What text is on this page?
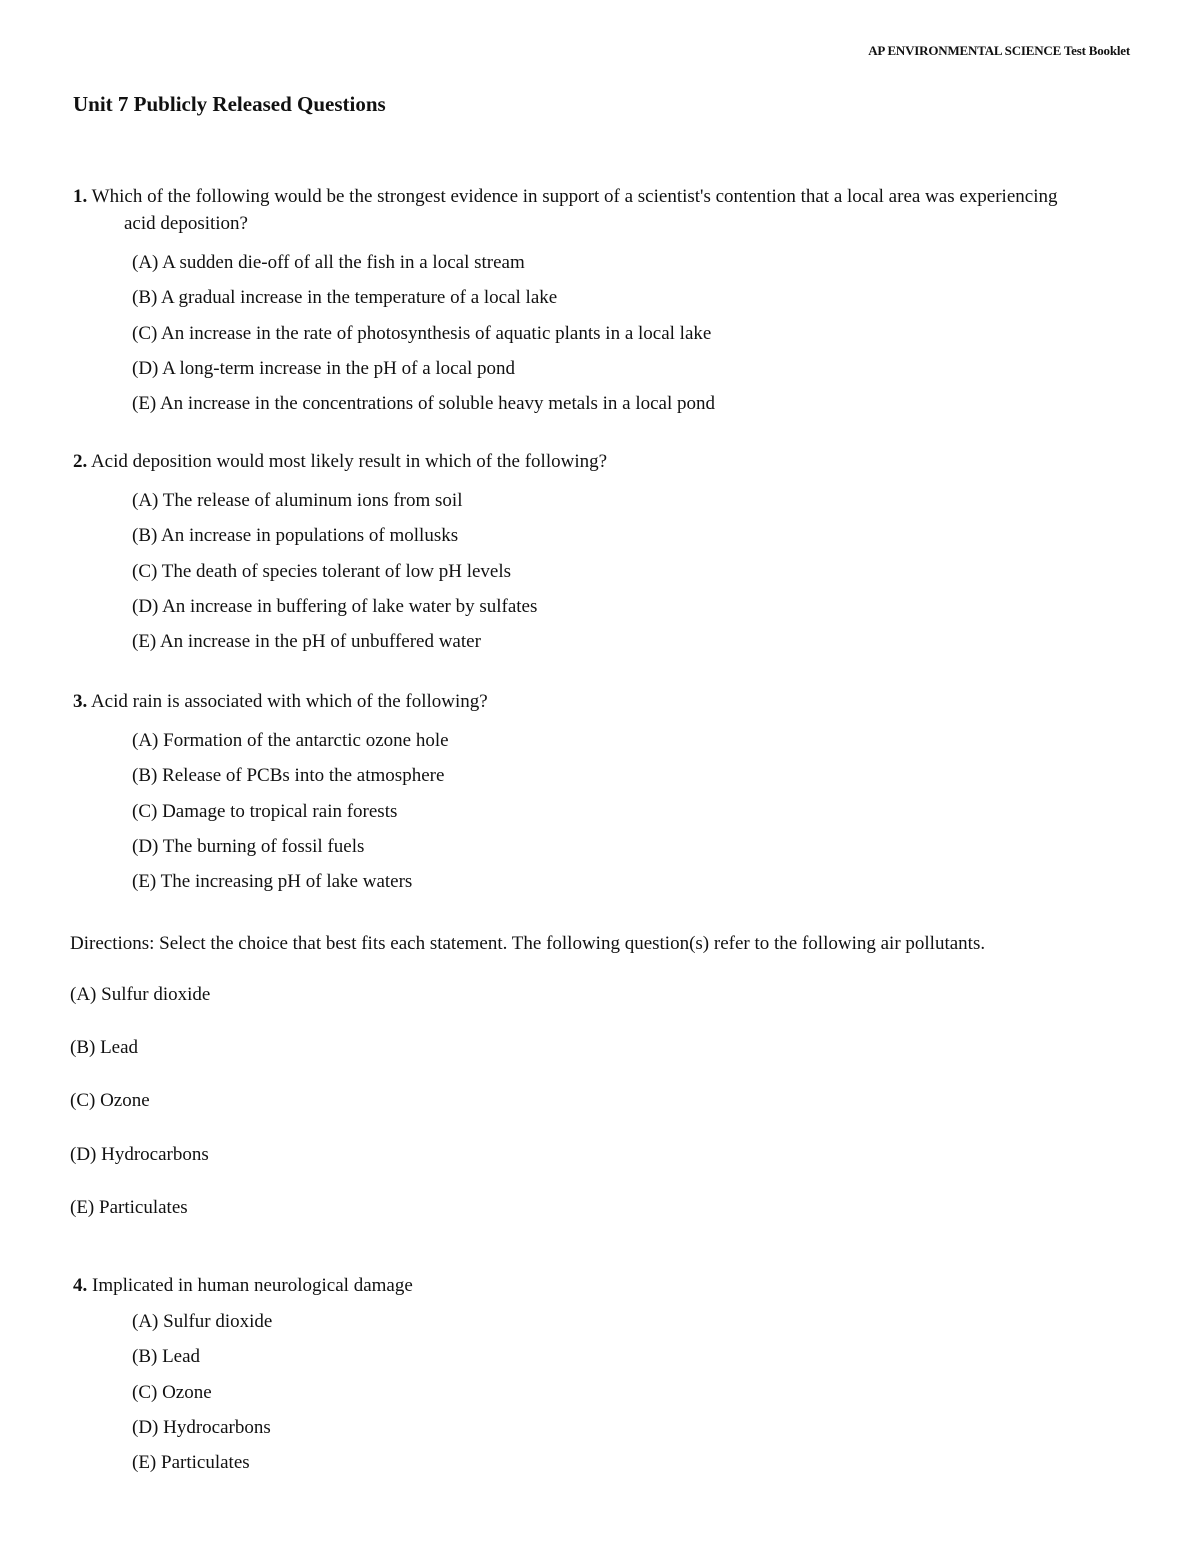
AP ENVIRONMENTAL SCIENCE Test Booklet
Unit 7 Publicly Released Questions

1. Which of the following would be the strongest evidence in support of a scientist's contention that a local area was experiencing acid deposition?

(A) A sudden die-off of all the fish in a local stream
(B) A gradual increase in the temperature of a local lake
(C) An increase in the rate of photosynthesis of aquatic plants in a local lake
(D) A long-term increase in the pH of a local pond
(E) An increase in the concentrations of soluble heavy metals in a local pond

2. Acid deposition would most likely result in which of the following?

(A) The release of aluminum ions from soil
(B) An increase in populations of mollusks
(C) The death of species tolerant of low pH levels
(D) An increase in buffering of lake water by sulfates
(E) An increase in the pH of unbuffered water

3. Acid rain is associated with which of the following?

(A) Formation of the antarctic ozone hole
(B) Release of PCBs into the atmosphere
(C) Damage to tropical rain forests
(D) The burning of fossil fuels
(E) The increasing pH of lake waters
Directions: Select the choice that best fits each statement. The following question(s) refer to the following air pollutants.
(A) Sulfur dioxide
(B) Lead
(C) Ozone
(D) Hydrocarbons
(E) Particulates

4. Implicated in human neurological damage

(A) Sulfur dioxide
(B) Lead
(C) Ozone
(D) Hydrocarbons
(E) Particulates
